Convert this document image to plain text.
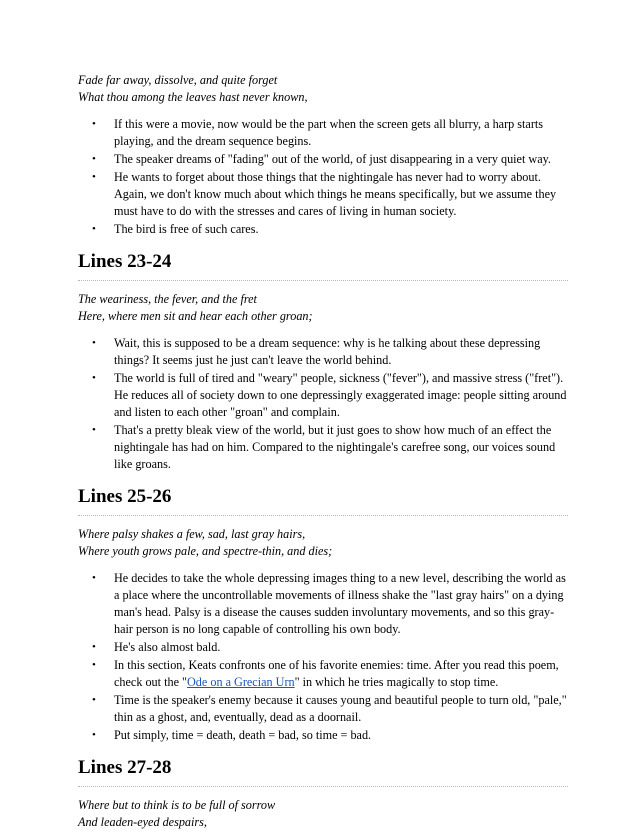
Fade far away, dissolve, and quite forget
What thou among the leaves hast never known,

• If this were a movie, now would be the part when the screen gets all blurry, a harp starts playing, and the dream sequence begins.
• The speaker dreams of "fading" out of the world, of just disappearing in a very quiet way.
• He wants to forget about those things that the nightingale has never had to worry about. Again, we don't know much about which things he means specifically, but we assume they must have to do with the stresses and cares of living in human society.
• The bird is free of such cares.
Lines 23-24

The weariness, the fever, and the fret
Here, where men sit and hear each other groan;

• Wait, this is supposed to be a dream sequence: why is he talking about these depressing things? It seems just he just can't leave the world behind.
• The world is full of tired and "weary" people, sickness ("fever"), and massive stress ("fret"). He reduces all of society down to one depressingly exaggerated image: people sitting around and listen to each other "groan" and complain.
• That's a pretty bleak view of the world, but it just goes to show how much of an effect the nightingale has had on him. Compared to the nightingale's carefree song, our voices sound like groans.
Lines 25-26

Where palsy shakes a few, sad, last gray hairs,
Where youth grows pale, and spectre-thin, and dies;

• He decides to take the whole depressing images thing to a new level, describing the world as a place where the uncontrollable movements of illness shake the "last gray hairs" on a dying man's head. Palsy is a disease the causes sudden involuntary movements, and so this gray-hair person is no long capable of controlling his own body.
• He's also almost bald.
• In this section, Keats confronts one of his favorite enemies: time. After you read this poem, check out the "Ode on a Grecian Urn" in which he tries magically to stop time.
• Time is the speaker's enemy because it causes young and beautiful people to turn old, "pale," thin as a ghost, and, eventually, dead as a doornail.
• Put simply, time = death, death = bad, so time = bad.
Lines 27-28

Where but to think is to be full of sorrow
And leaden-eyed despairs,
